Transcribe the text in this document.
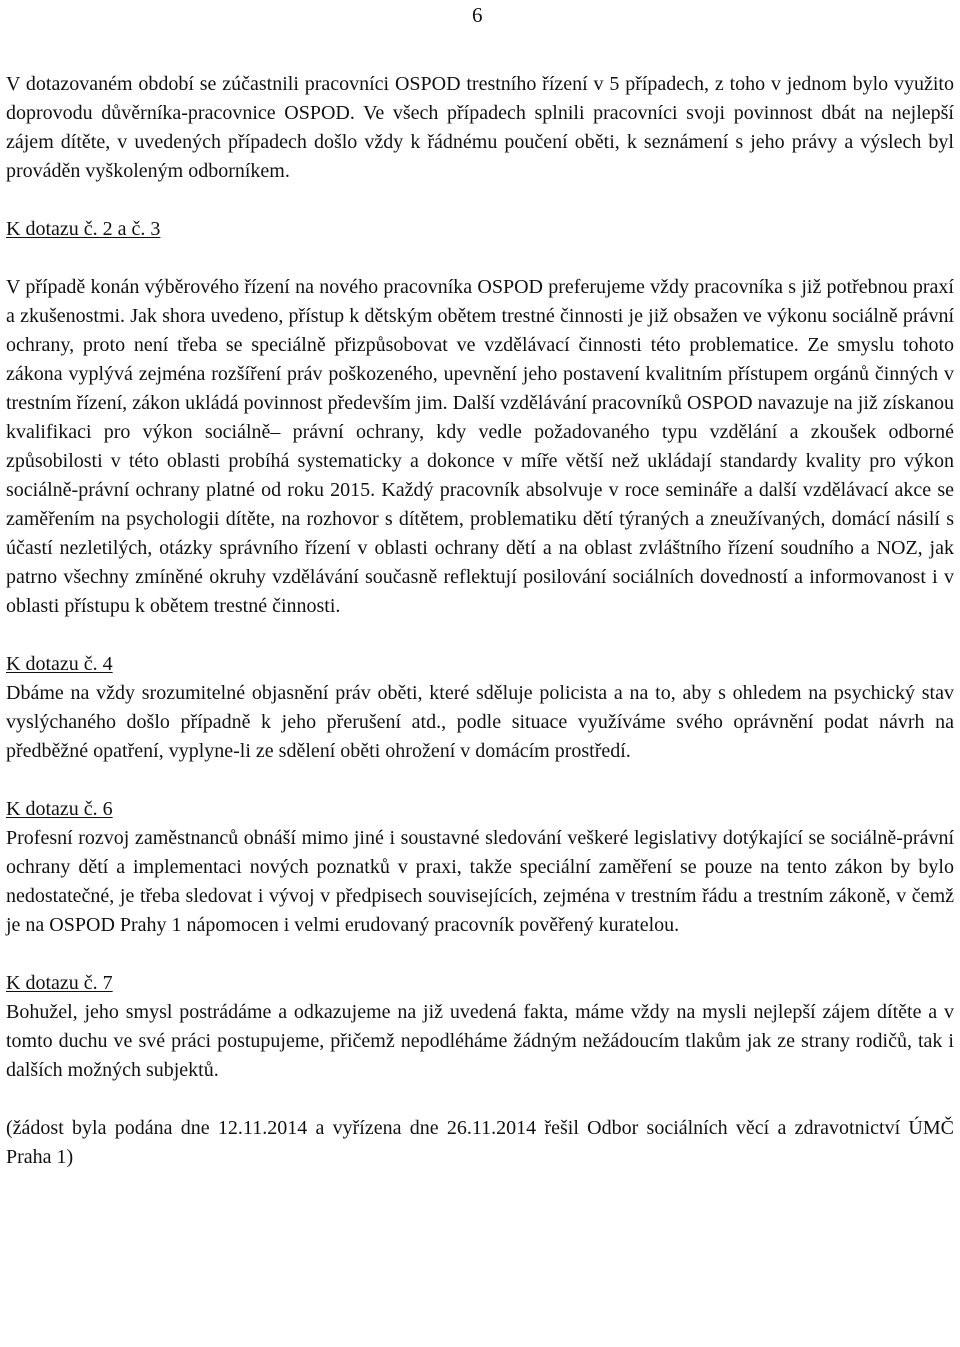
6

V dotazovaném období se zúčastnili pracovníci OSPOD trestního řízení v 5 případech, z toho v jednom bylo využito doprovodu důvěrníka-pracovnice OSPOD. Ve všech případech splnili pracovníci svoji povinnost dbát na nejlepší zájem dítěte, v uvedených případech došlo vždy k řádnému poučení oběti, k seznámení s jeho právy a výslech byl prováděn vyškoleným odborníkem.

K dotazu č. 2 a č. 3

V případě konán výběrového řízení na nového pracovníka OSPOD preferujeme vždy pracovníka s již potřebnou praxí a zkušenostmi. Jak shora uvedeno, přístup k dětským obětem trestné činnosti je již obsažen ve výkonu sociálně právní ochrany, proto není třeba se speciálně přizpůsobovat ve vzdělávací činnosti této problematice. Ze smyslu tohoto zákona vyplývá zejména rozšíření práv poškozeného, upevnění jeho postavení kvalitním přístupem orgánů činných v trestním řízení, zákon ukládá povinnost především jim. Další vzdělávání pracovníků OSPOD navazuje na již získanou kvalifikaci pro výkon sociálně– právní ochrany, kdy vedle požadovaného typu vzdělání a zkoušek odborné způsobilosti v této oblasti probíhá systematicky a dokonce v míře větší než ukládají standardy kvality pro výkon sociálně-právní ochrany platné od roku 2015. Každý pracovník absolvuje v roce semináře a další vzdělávací akce se zaměřením na psychologii dítěte, na rozhovor s dítětem, problematiku dětí týraných a zneužívaných, domácí násilí s účastí nezletilých, otázky správního řízení v oblasti ochrany dětí a na oblast zvláštního řízení soudního a NOZ, jak patrno všechny zmíněné okruhy vzdělávání současně reflektují posilování sociálních dovedností a informovanost i v oblasti přístupu k obětem trestné činnosti.

K dotazu č. 4

Dbáme na vždy srozumitelné objasnění práv oběti, které sděluje policista a na to, aby s ohledem na psychický stav vyslýchaného došlo případně k jeho přerušení atd., podle situace využíváme svého oprávnění podat návrh na předběžné opatření, vyplyne-li ze sdělení oběti ohrožení v domácím prostředí.

K dotazu č. 6

Profesní rozvoj zaměstnanců obnáší mimo jiné i soustavné sledování veškeré legislativy dotýkající se sociálně-právní ochrany dětí a implementaci nových poznatků v praxi, takže speciální zaměření se pouze na tento zákon by bylo nedostatečné, je třeba sledovat i vývoj v předpisech souvisejících, zejména v trestním řádu a trestním zákoně, v čemž je na OSPOD Prahy 1 nápomocen i velmi erudovaný pracovník pověřený kuratelou.

K dotazu č. 7

Bohužel, jeho smysl postrádáme a odkazujeme na již uvedená fakta, máme vždy na mysli nejlepší zájem dítěte a v tomto duchu ve své práci postupujeme, přičemž nepodléháme žádným nežádoucím tlakům jak ze strany rodičů, tak i dalších možných subjektů.

(žádost byla podána dne 12.11.2014 a vyřízena dne 26.11.2014 řešil Odbor sociálních věcí a zdravotnictví ÚMČ Praha 1)
